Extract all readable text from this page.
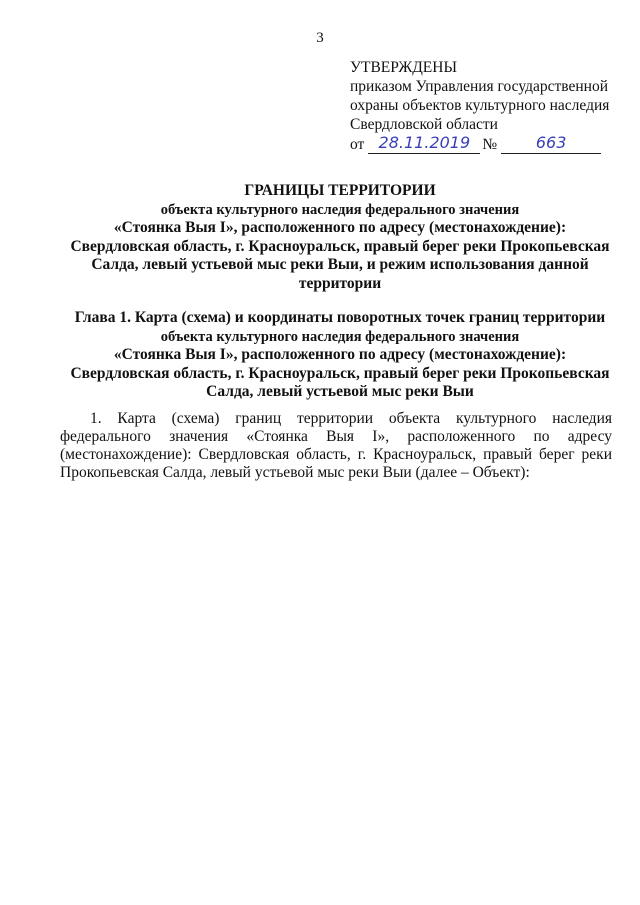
3
УТВЕРЖДЕНЫ
приказом Управления государственной
охраны объектов культурного наследия
Свердловской области
от 28.11.2019 №	663
ГРАНИЦЫ ТЕРРИТОРИИ
объекта культурного наследия федерального значения
«Стоянка Выя I», расположенного по адресу (местонахождение):
Свердловская область, г. Красноуральск, правый берег реки Прокопьевская
Салда, левый устьевой мыс реки Выи, и режим использования данной
территории
Глава 1. Карта (схема) и координаты поворотных точек границ территории
объекта культурного наследия федерального значения
«Стоянка Выя I», расположенного по адресу (местонахождение):
Свердловская область, г. Красноуральск, правый берег реки Прокопьевская
Салда, левый устьевой мыс реки Выи
1. Карта (схема) границ территории объекта культурного наследия федерального значения «Стоянка Выя I», расположенного по адресу (местонахождение): Свердловская область, г. Красноуральск, правый берег реки Прокопьевская Салда, левый устьевой мыс реки Выи (далее – Объект):
